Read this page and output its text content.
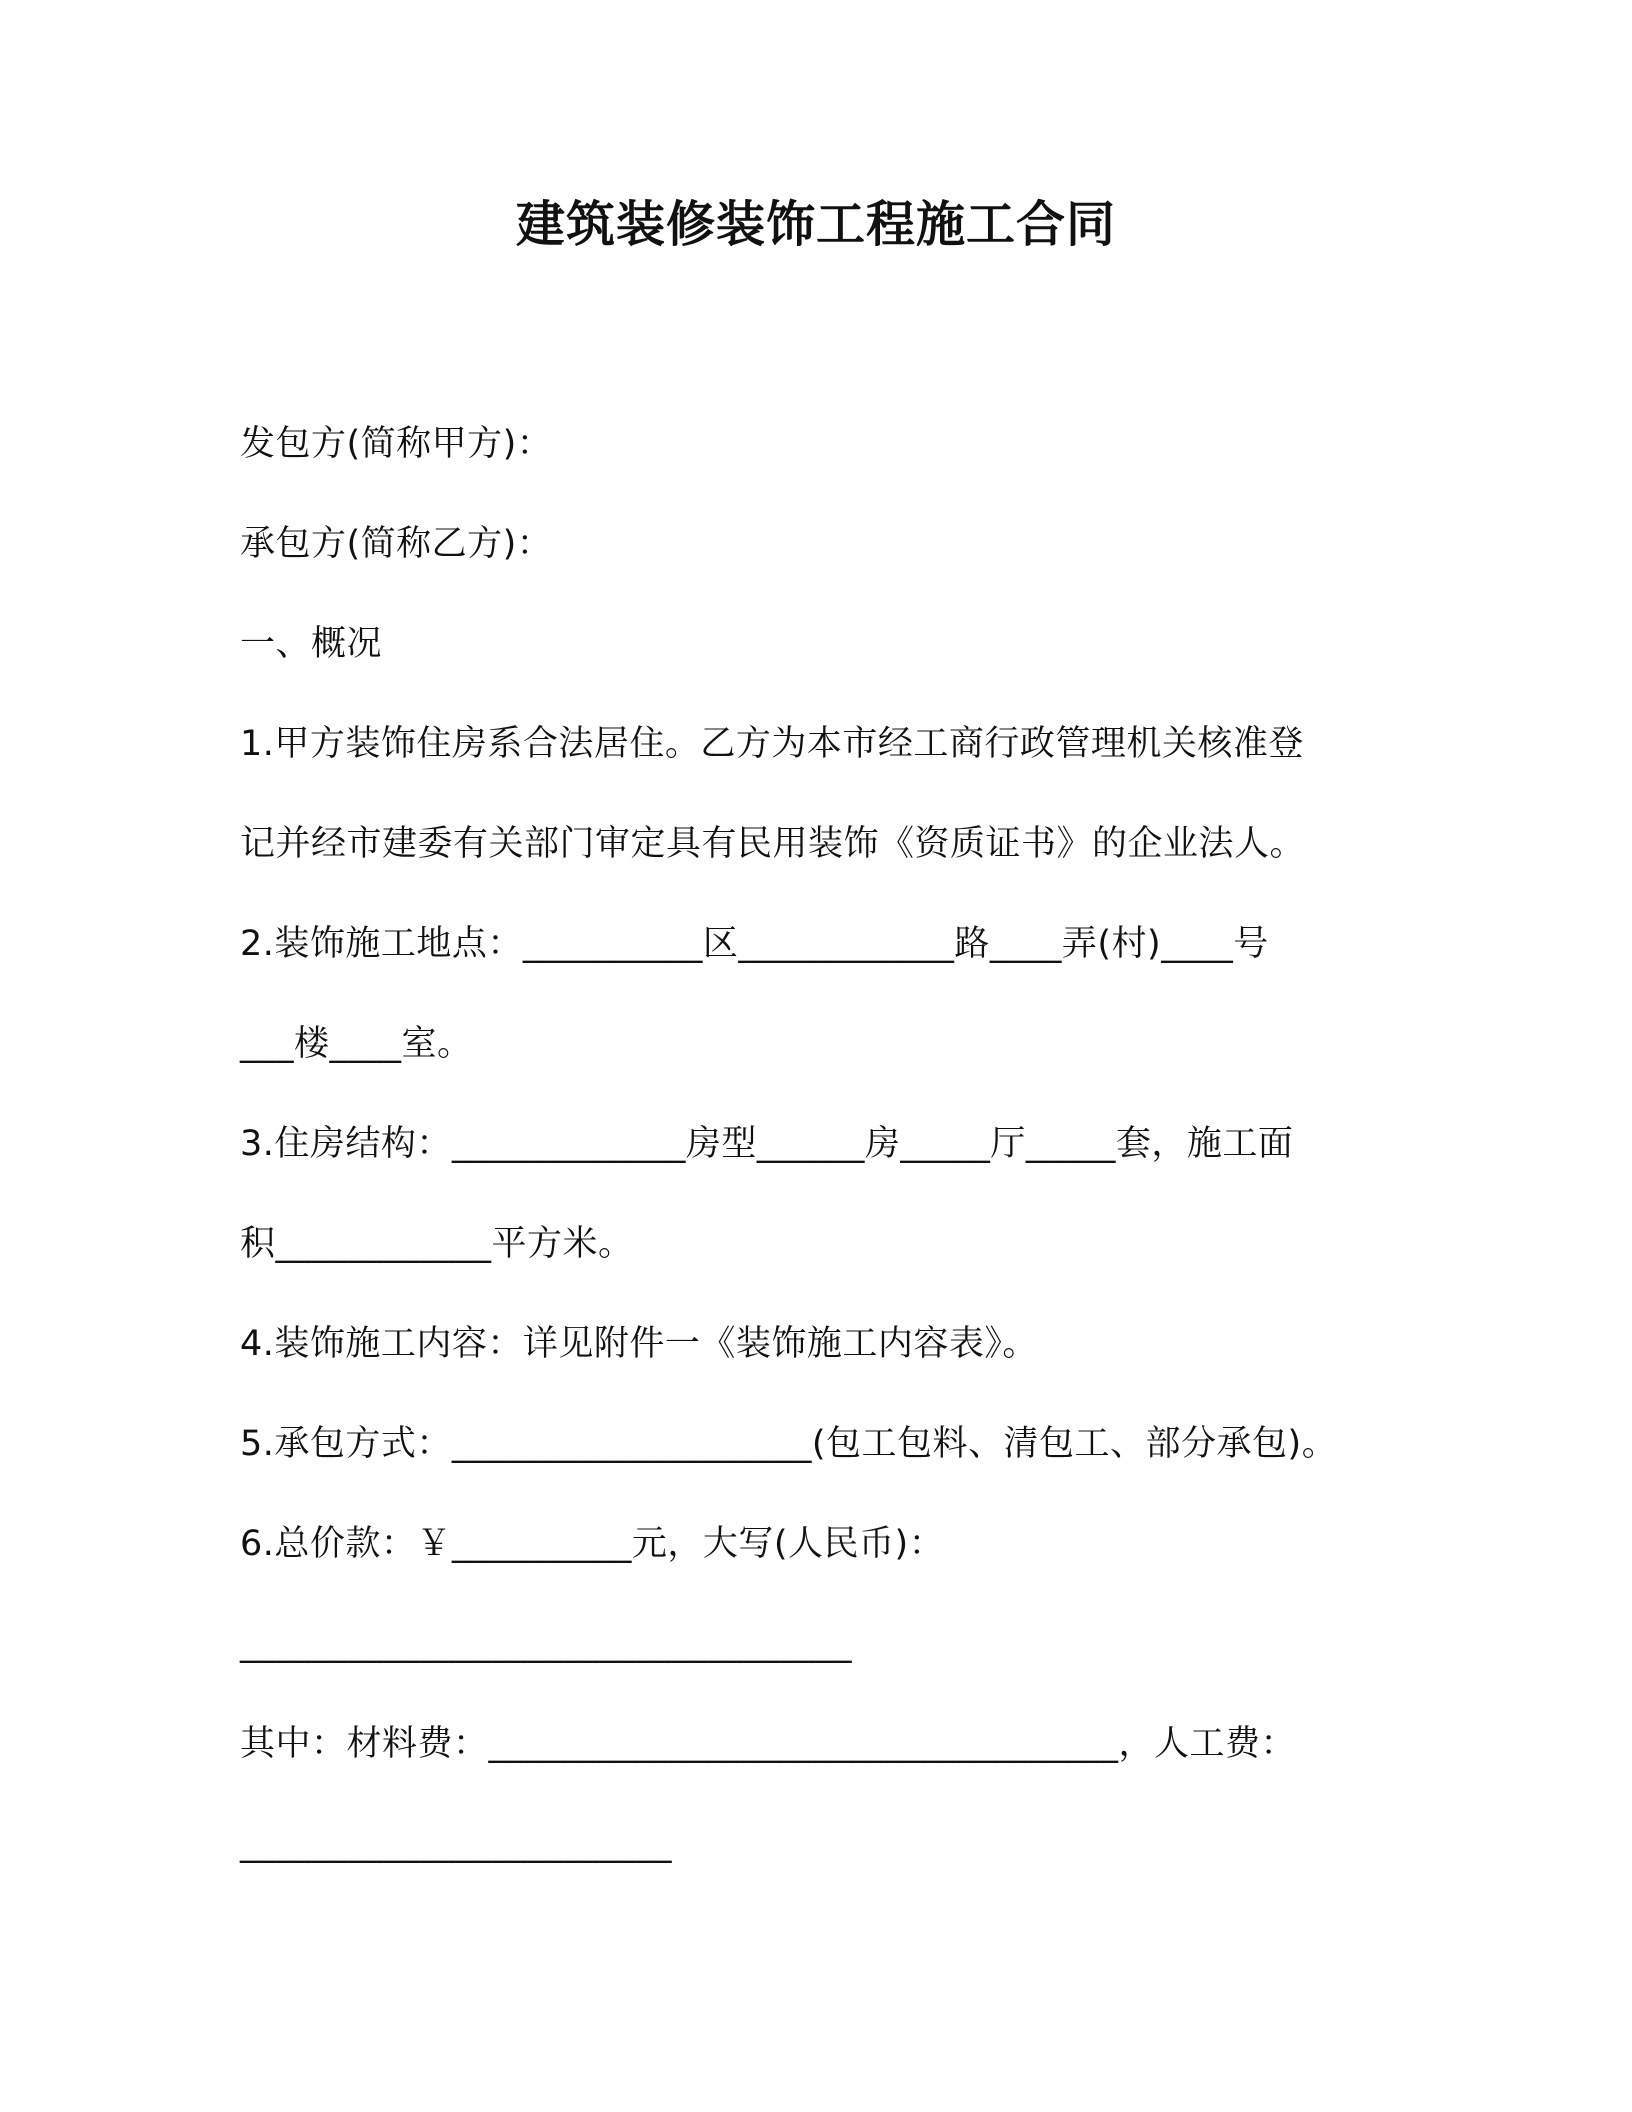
建筑装修装饰工程施工合同
发包方(简称甲方)：
承包方(简称乙方)：
一、概况
1.甲方装饰住房系合法居住。乙方为本市经工商行政管理机关核准登
记并经市建委有关部门审定具有民用装饰《资质证书》的企业法人。
2.装饰施工地点：__________区____________路____弄(村)____号
___楼____室。
3.住房结构：_____________房型______房_____厅_____套，施工面
积____________平方米。
4.装饰施工内容：详见附件一《装饰施工内容表》。
5.承包方式：____________________(包工包料、清包工、部分承包)。
6.总价款：￥__________元，大写(人民币)：
__________________________________
其中：材料费：___________________________________，人工费：
________________________
